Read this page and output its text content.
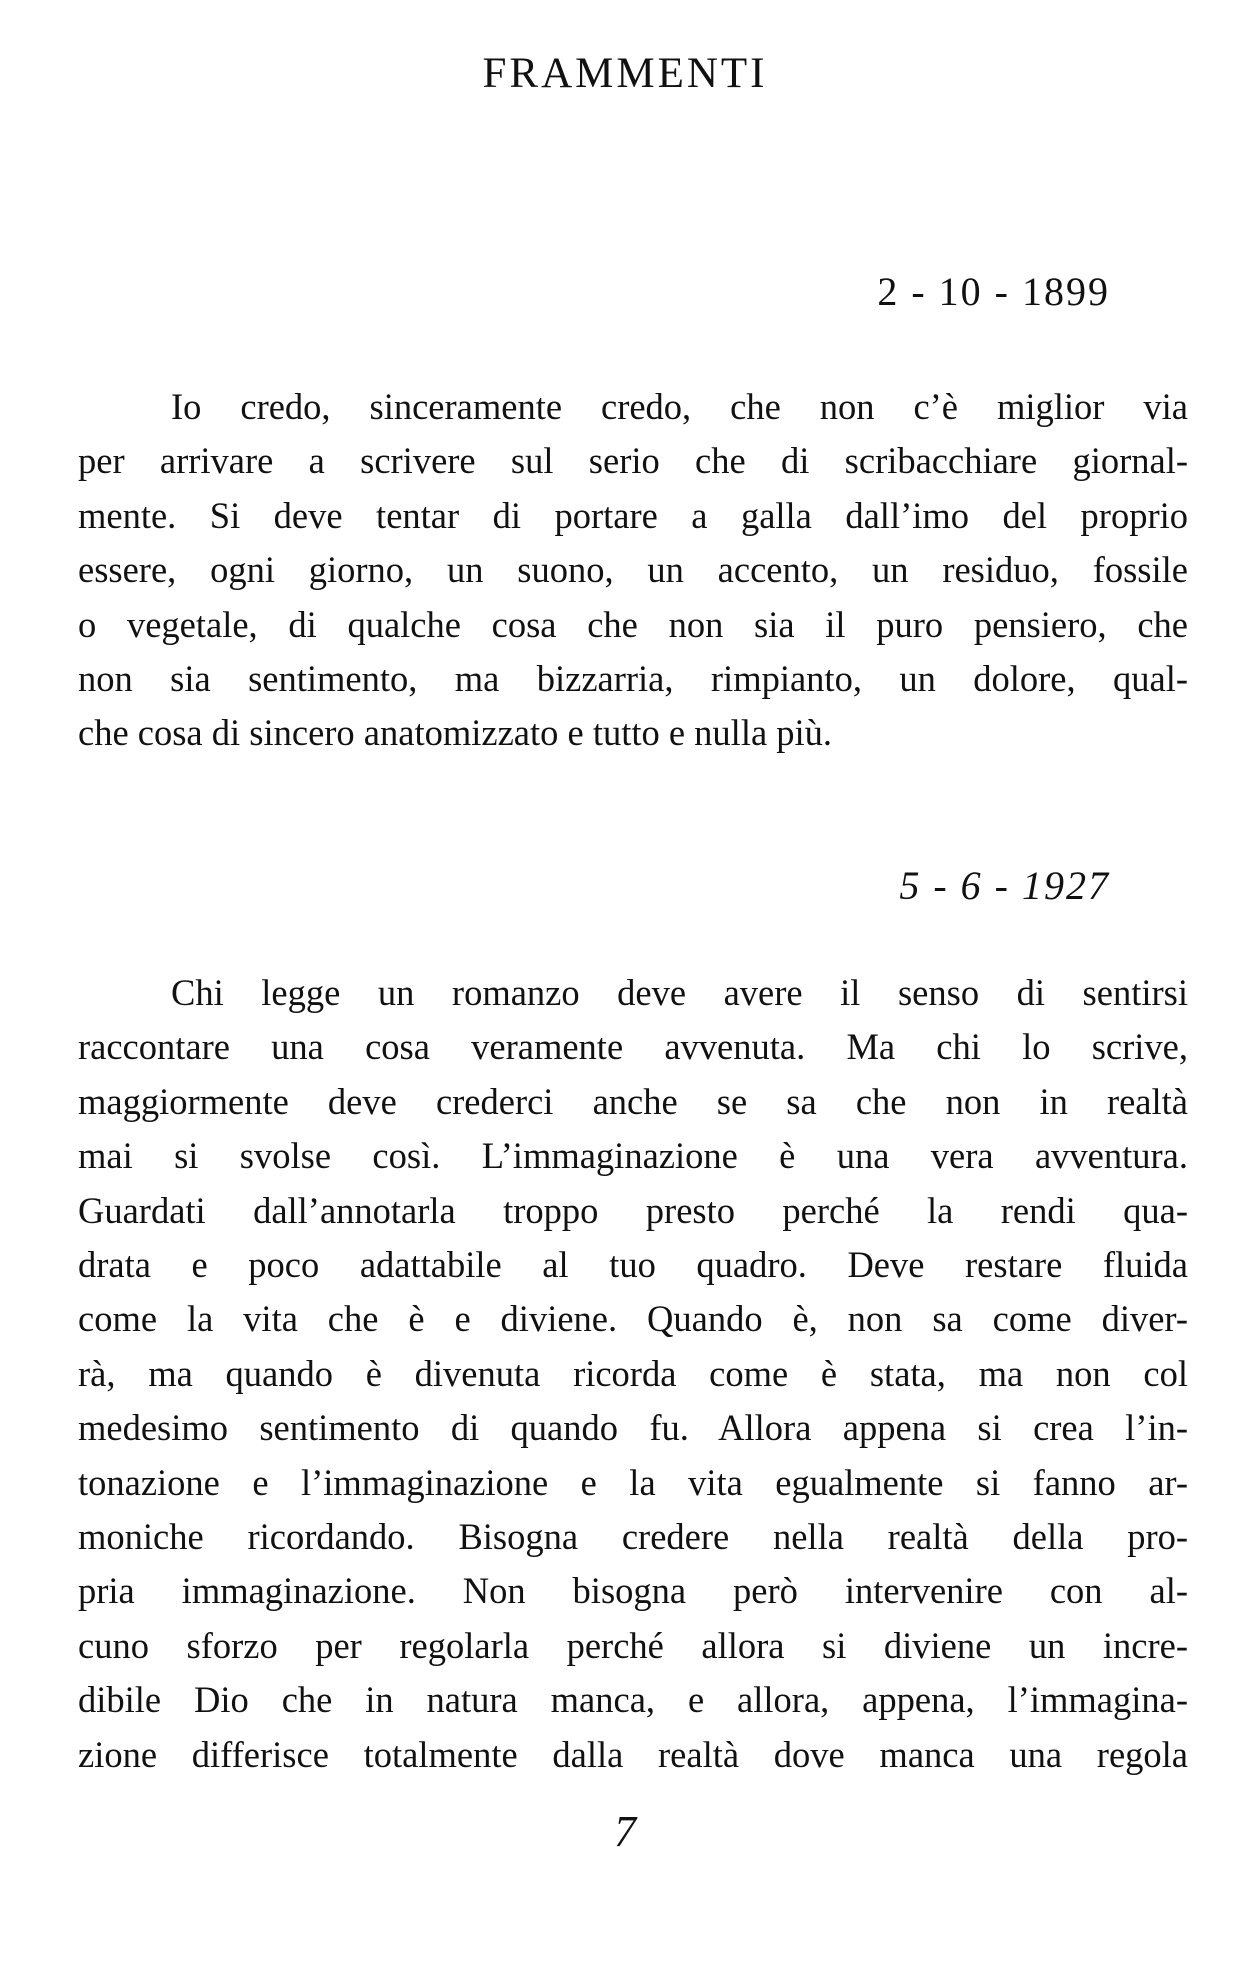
FRAMMENTI
2 - 10 - 1899
Io credo, sinceramente credo, che non c’è miglior via
per arrivare a scrivere sul serio che di scribacchiare giornal-
mente. Si deve tentar di portare a galla dall’imo del proprio
essere, ogni giorno, un suono, un accento, un residuo, fossile
o vegetale, di qualche cosa che non sia il puro pensiero, che
non sia sentimento, ma bizzarria, rimpianto, un dolore, qual-
che cosa di sincero anatomizzato e tutto e nulla più.
5 - 6 - 1927
Chi legge un romanzo deve avere il senso di sentirsi
raccontare una cosa veramente avvenuta. Ma chi lo scrive,
maggiormente deve crederci anche se sa che non in realtà
mai si svolse così. L’immaginazione è una vera avventura.
Guardati dall’annotarla troppo presto perché la rendi qua-
drata e poco adattabile al tuo quadro. Deve restare fluida
come la vita che è e diviene. Quando è, non sa come diver-
rà, ma quando è divenuta ricorda come è stata, ma non col
medesimo sentimento di quando fu. Allora appena si crea l’in-
tonazione e l’immaginazione e la vita egualmente si fanno ar-
moniche ricordando. Bisogna credere nella realtà della pro-
pria immaginazione. Non bisogna però intervenire con al-
cuno sforzo per regolarla perché allora si diviene un incre-
dibile Dio che in natura manca, e allora, appena, l’immagina-
zione differisce totalmente dalla realtà dove manca una regola
7
